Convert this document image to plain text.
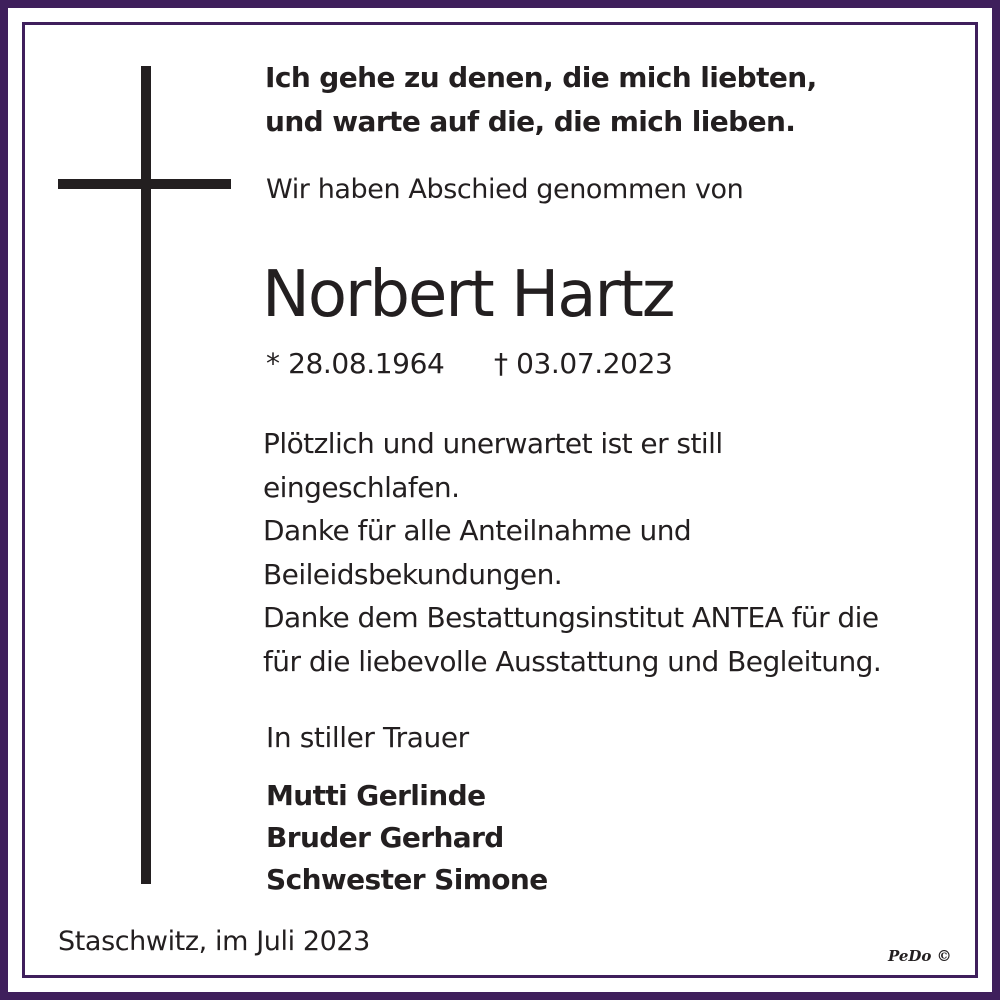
Ich gehe zu denen, die mich liebten,
und warte auf die, die mich lieben.
Wir haben Abschied genommen von
Norbert Hartz
* 28.08.1964 † 03.07.2023
Plötzlich und unerwartet ist er still
eingeschlafen.
Danke für alle Anteilnahme und
Beileidsbekundungen.
Danke dem Bestattungsinstitut ANTEA für die
für die liebevolle Ausstattung und Begleitung.
In stiller Trauer
Mutti Gerlinde
Bruder Gerhard
Schwester Simone
Staschwitz, im Juli 2023	PeDo ©
